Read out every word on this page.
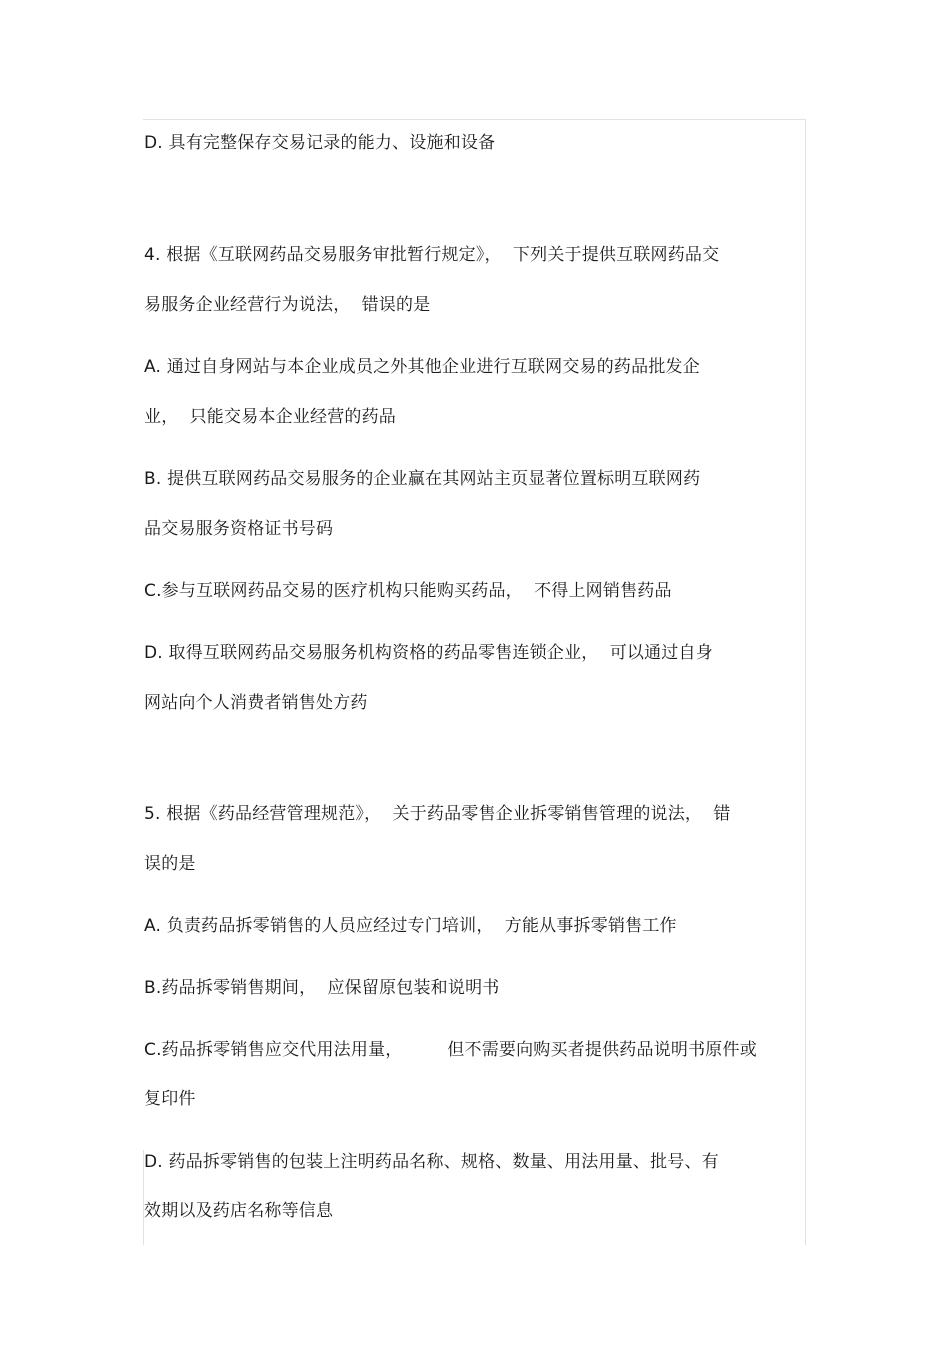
D. 具有完整保存交易记录的能力、设施和设备
4. 根据《互联网药品交易服务审批暂行规定》，  下列关于提供互联网药品交
易服务企业经营行为说法，  错误的是
A. 通过自身网站与本企业成员之外其他企业进行互联网交易的药品批发企
业，  只能交易本企业经营的药品
B. 提供互联网药品交易服务的企业赢在其网站主页显著位置标明互联网药
品交易服务资格证书号码
C.参与互联网药品交易的医疗机构只能购买药品，  不得上网销售药品
D. 取得互联网药品交易服务机构资格的药品零售连锁企业，  可以通过自身
网站向个人消费者销售处方药
5. 根据《药品经营管理规范》，  关于药品零售企业拆零销售管理的说法，  错
误的是
A. 负责药品拆零销售的人员应经过专门培训，  方能从事拆零销售工作
B.药品拆零销售期间，  应保留原包装和说明书
C.药品拆零销售应交代用法用量，        但不需要向购买者提供药品说明书原件或
复印件
D. 药品拆零销售的包装上注明药品名称、规格、数量、用法用量、批号、有
效期以及药店名称等信息
